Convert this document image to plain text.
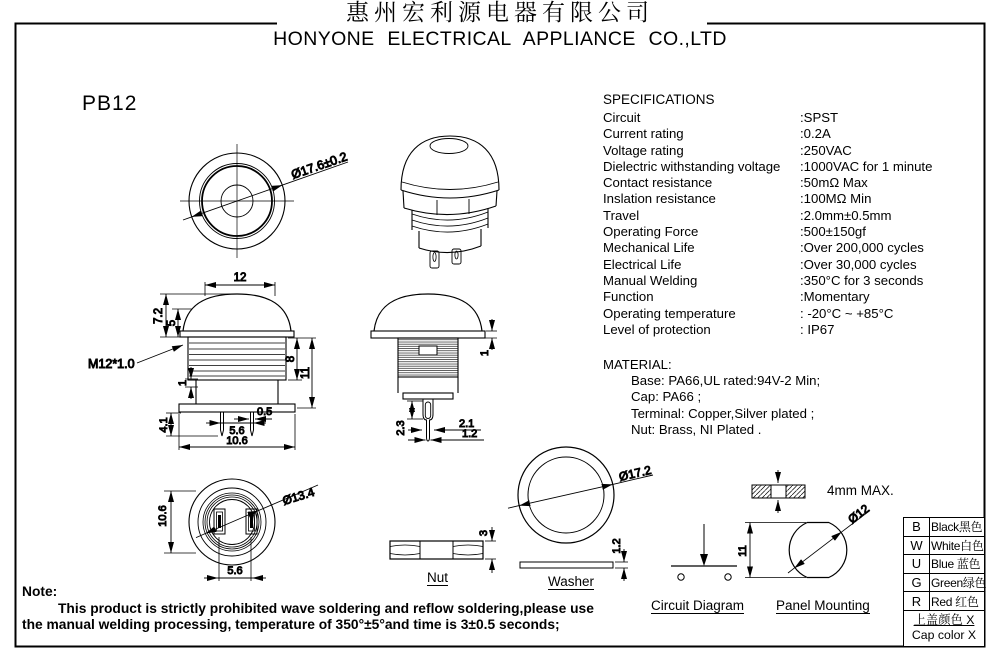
Ø17.6±0.2
12
7.2 5
M12*1.0
1
4.1
0.5
5.6
10.6
8
11
1
2.3	2.1
1.2
10.6
5.6
Ø13.4
3
Ø17.2
1.2	11
Ø12
惠州宏利源电器有限公司
HONYONE ELECTRICAL APPLIANCE CO.,LTD
PB12	SPECIFICATIONS
Circuit	:SPST
Current rating	:0.2A
Voltage rating	:250VAC
Dielectric withstanding voltage	:1000VAC for 1 minute
Contact resistance	:50mΩ Max
Inslation resistance	:100MΩ Min
Travel	:2.0mm±0.5mm
Operating Force	:500±150gf
Mechanical Life	:Over 200,000 cycles
Electrical Life	:Over 30,000 cycles
Manual Welding	:350°C for 3 seconds
Function	:Momentary
Operating temperature	: -20°C ~ +85°C
Level of protection	: IP67
MATERIAL:
Base: PA66,UL rated:94V-2 Min;
Cap: PA66 ;
Terminal: Copper,Silver plated ;
Nut: Brass, NI Plated .
B Black黑色
W White白色
U Blue 蓝色
G Green绿色
R Red 红色
上盖颜色 X
Cap color X
Nut	Washer
Circuit Diagram Panel Mounting
4mm MAX.
Note:
This product is strictly prohibited wave soldering and reflow soldering,please use
the manual welding processing, temperature of 350°±5°and time is 3±0.5 seconds;
